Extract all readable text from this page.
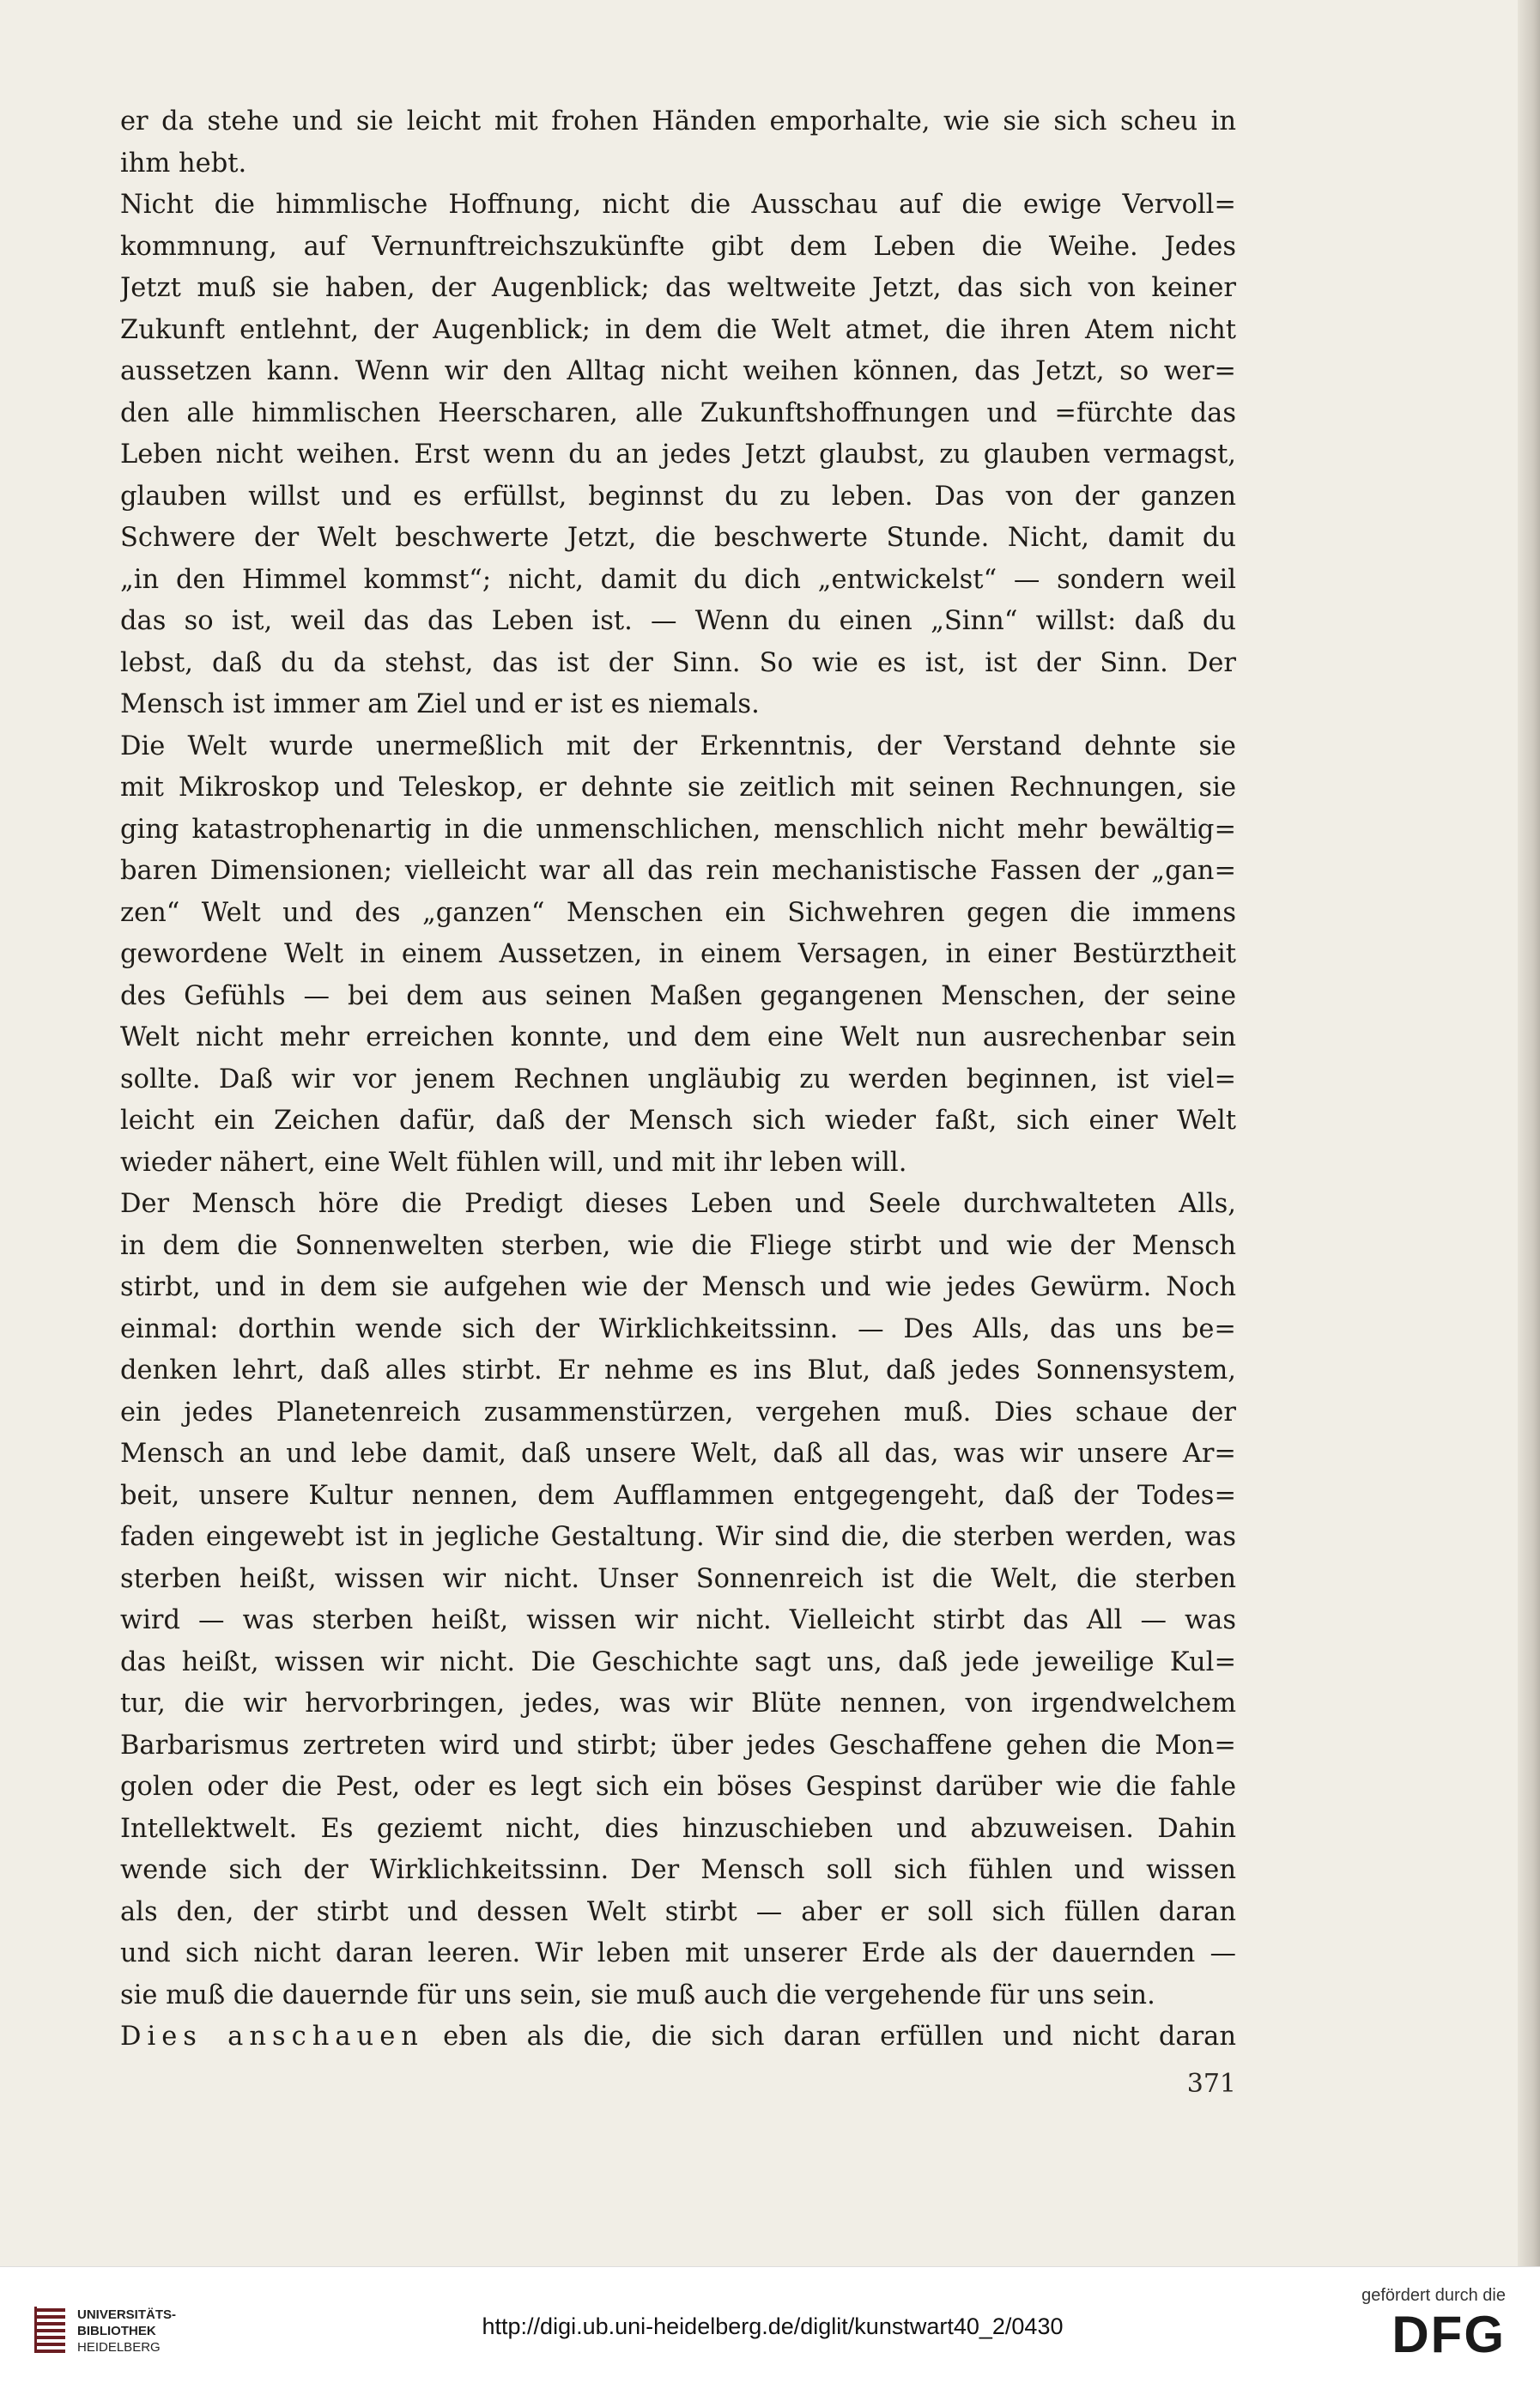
er da stehe und sie leicht mit frohen Händen emporhalte, wie sie sich scheu in
ihm hebt.
Nicht die himmlische Hoffnung, nicht die Ausschau auf die ewige Vervoll=
kommnung, auf Vernunftreichszukünfte gibt dem Leben die Weihe. Jedes
Jetzt muß sie haben, der Augenblick; das weltweite Jetzt, das sich von keiner
Zukunft entlehnt, der Augenblick; in dem die Welt atmet, die ihren Atem nicht
aussetzen kann. Wenn wir den Alltag nicht weihen können, das Jetzt, so wer=
den alle himmlischen Heerscharen, alle Zukunftshoffnungen und =fürchte das
Leben nicht weihen. Erst wenn du an jedes Jetzt glaubst, zu glauben vermagst,
glauben willst und es erfüllst, beginnst du zu leben. Das von der ganzen
Schwere der Welt beschwerte Jetzt, die beschwerte Stunde. Nicht, damit du
„in den Himmel kommst“; nicht, damit du dich „entwickelst“ — sondern weil
das so ist, weil das das Leben ist. — Wenn du einen „Sinn“ willst: daß du
lebst, daß du da stehst, das ist der Sinn. So wie es ist, ist der Sinn. Der
Mensch ist immer am Ziel und er ist es niemals.
Die Welt wurde unermeßlich mit der Erkenntnis, der Verstand dehnte sie
mit Mikroskop und Teleskop, er dehnte sie zeitlich mit seinen Rechnungen, sie
ging katastrophenartig in die unmenschlichen, menschlich nicht mehr bewältig=
baren Dimensionen; vielleicht war all das rein mechanistische Fassen der „gan=
zen“ Welt und des „ganzen“ Menschen ein Sichwehren gegen die immens
gewordene Welt in einem Aussetzen, in einem Versagen, in einer Bestürztheit
des Gefühls — bei dem aus seinen Maßen gegangenen Menschen, der seine
Welt nicht mehr erreichen konnte, und dem eine Welt nun ausrechenbar sein
sollte. Daß wir vor jenem Rechnen ungläubig zu werden beginnen, ist viel=
leicht ein Zeichen dafür, daß der Mensch sich wieder faßt, sich einer Welt
wieder nähert, eine Welt fühlen will, und mit ihr leben will.
Der Mensch höre die Predigt dieses Leben und Seele durchwalteten Alls,
in dem die Sonnenwelten sterben, wie die Fliege stirbt und wie der Mensch
stirbt, und in dem sie aufgehen wie der Mensch und wie jedes Gewürm. Noch
einmal: dorthin wende sich der Wirklichkeitssinn. — Des Alls, das uns be=
denken lehrt, daß alles stirbt. Er nehme es ins Blut, daß jedes Sonnensystem,
ein jedes Planetenreich zusammenstürzen, vergehen muß. Dies schaue der
Mensch an und lebe damit, daß unsere Welt, daß all das, was wir unsere Ar=
beit, unsere Kultur nennen, dem Aufflammen entgegengeht, daß der Todes=
faden eingewebt ist in jegliche Gestaltung. Wir sind die, die sterben werden, was
sterben heißt, wissen wir nicht. Unser Sonnenreich ist die Welt, die sterben
wird — was sterben heißt, wissen wir nicht. Vielleicht stirbt das All — was
das heißt, wissen wir nicht. Die Geschichte sagt uns, daß jede jeweilige Kul=
tur, die wir hervorbringen, jedes, was wir Blüte nennen, von irgendwelchem
Barbarismus zertreten wird und stirbt; über jedes Geschaffene gehen die Mon=
golen oder die Pest, oder es legt sich ein böses Gespinst darüber wie die fahle
Intellektwelt. Es geziemt nicht, dies hinzuschieben und abzuweisen. Dahin
wende sich der Wirklichkeitssinn. Der Mensch soll sich fühlen und wissen
als den, der stirbt und dessen Welt stirbt — aber er soll sich füllen daran
und sich nicht daran leeren. Wir leben mit unserer Erde als der dauernden —
sie muß die dauernde für uns sein, sie muß auch die vergehende für uns sein.
Dies anschauen eben als die, die sich daran erfüllen und nicht daran
371
UNIVERSITÄTS-
BIBLIOTHEK
HEIDELBERG
http://digi.ub.uni-heidelberg.de/diglit/kunstwart40_2/0430
gefördert durch die
DFG
